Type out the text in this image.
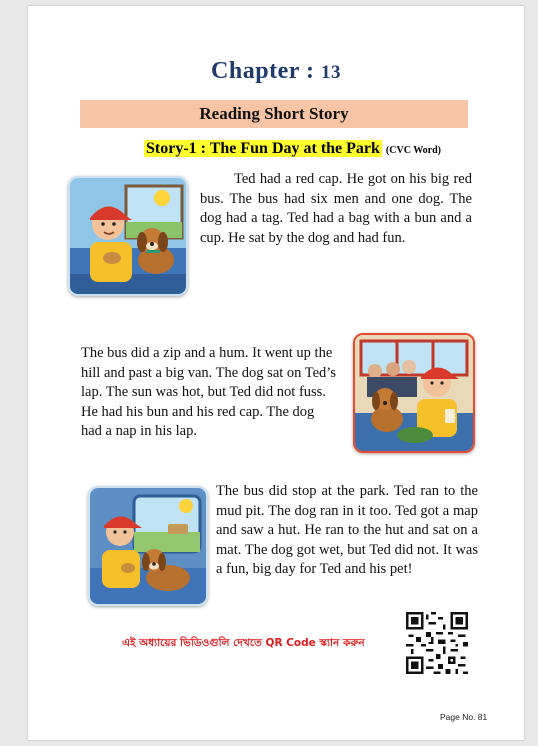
Chapter : 13
Reading Short Story
Story-1 : The Fun Day at the Park (CVC Word)

Ted had a red cap. He got on his big red bus. The bus had six men and one dog. The dog had a tag. Ted had a bag with a bun and a cup. He sat by the dog and had fun.

The bus did a zip and a hum. It went up the hill and past a big van. The dog sat on Ted’s lap. The sun was hot, but Ted did not fuss. He had his bun and his red cap. The dog had a nap in his lap.

The bus did stop at the park. Ted ran to the mud pit. The dog ran in it too. Ted got a map and saw a hut. He ran to the hut and sat on a mat. The dog got wet, but Ted did not. It was a fun, big day for Ted and his pet!

এই অধ্যায়ের ভিডিওগুলি দেখতে QR Code স্ক্যান করুন
Page No. 81
